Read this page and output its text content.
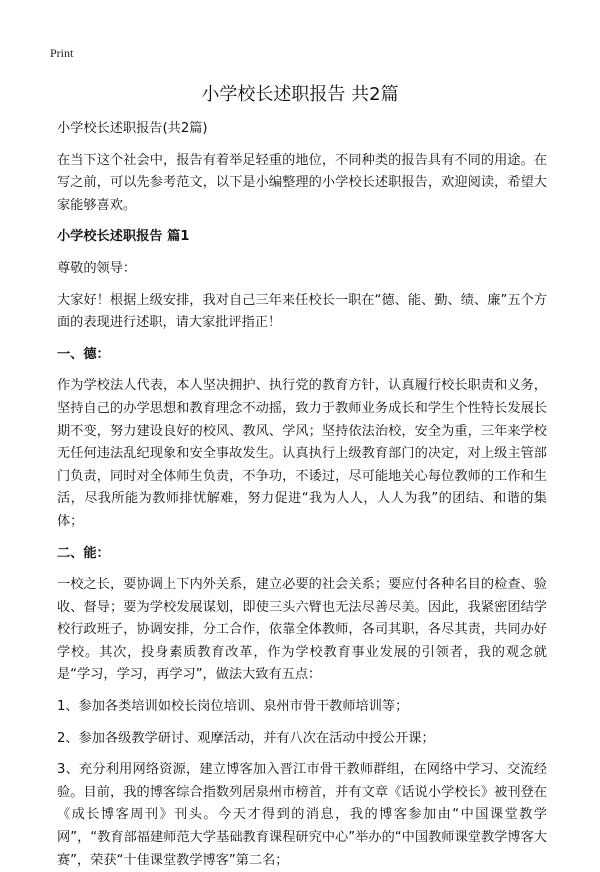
Print
小学校长述职报告 共2篇

小学校长述职报告(共2篇)

在当下这个社会中，报告有着举足轻重的地位，不同种类的报告具有不同的用途。在写之前，可以先参考范文，以下是小编整理的小学校长述职报告，欢迎阅读，希望大家能够喜欢。

小学校长述职报告 篇1

尊敬的领导：

大家好！根据上级安排，我对自己三年来任校长一职在“德、能、勤、绩、廉”五个方面的表现进行述职，请大家批评指正！

一、德：

作为学校法人代表，本人坚决拥护、执行党的教育方针，认真履行校长职责和义务，坚持自己的办学思想和教育理念不动摇，致力于教师业务成长和学生个性特长发展长期不变，努力建设良好的校风、教风、学风；坚持依法治校，安全为重，三年来学校无任何违法乱纪现象和安全事故发生。认真执行上级教育部门的决定，对上级主管部门负责，同时对全体师生负责，不争功，不诿过，尽可能地关心每位教师的工作和生活，尽我所能为教师排忧解难，努力促进“我为人人，人人为我”的团结、和谐的集体；

二、能：

一校之长，要协调上下内外关系，建立必要的社会关系；要应付各种名目的检查、验收、督导；要为学校发展谋划，即使三头六臂也无法尽善尽美。因此，我紧密团结学校行政班子，协调安排，分工合作，依靠全体教师，各司其职，各尽其责，共同办好学校。其次，投身素质教育改革，作为学校教育事业发展的引领者，我的观念就是“学习，学习，再学习”，做法大致有五点：

1、参加各类培训如校长岗位培训、泉州市骨干教师培训等；

2、参加各级教学研讨、观摩活动，并有八次在活动中授公开课；

3、充分利用网络资源，建立博客加入晋江市骨干教师群组，在网络中学习、交流经验。目前，我的博客综合指数列居泉州市榜首，并有文章《话说小学校长》被刊登在《成长博客周刊》刊头。今天才得到的消息，我的博客参加由“中国课堂教学网”，“教育部福建师范大学基础教育课程研究中心”举办的“中国教师课堂教学博客大赛”，荣获“十佳课堂教学博客”第二名；
